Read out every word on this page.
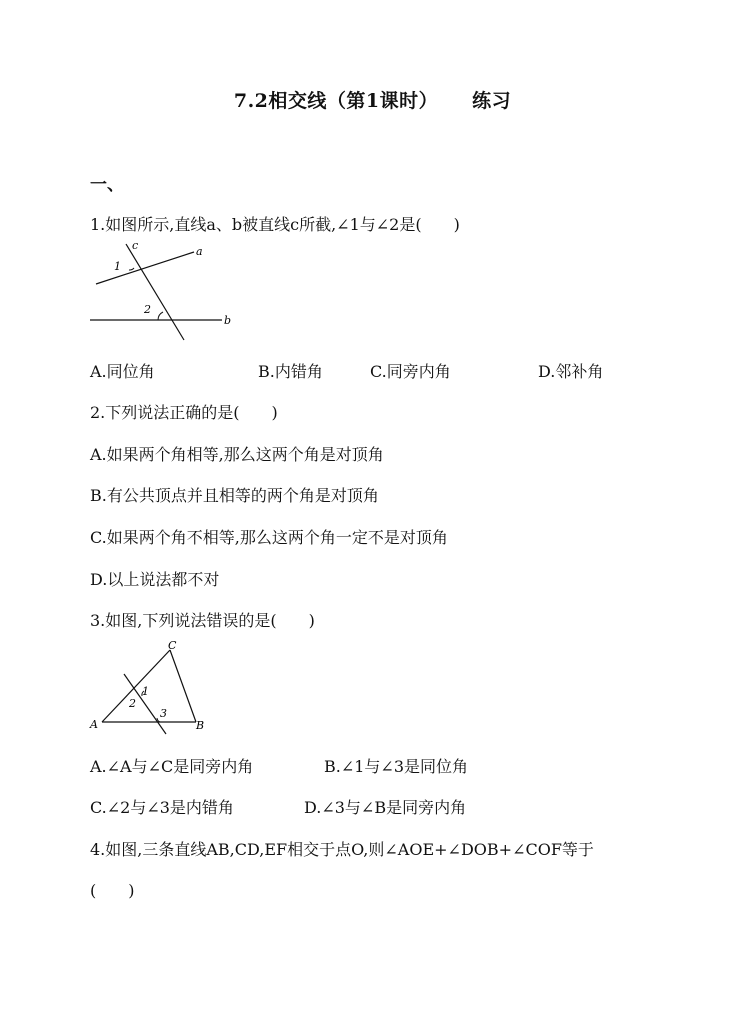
7.2相交线（第1课时） 练习
一、
1.如图所示,直线a、b被直线c所截,∠1与∠2是(　　)
c	a
b
1
2
A.同位角	B.内错角	C.同旁内角	D.邻补角
2.下列说法正确的是(　　)
A.如果两个角相等,那么这两个角是对顶角
B.有公共顶点并且相等的两个角是对顶角
C.如果两个角不相等,那么这两个角一定不是对顶角
D.以上说法都不对
3.如图,下列说法错误的是(　　)
C
A	B
1
2
3
A.∠A与∠C是同旁内角	B.∠1与∠3是同位角
C.∠2与∠3是内错角	D.∠3与∠B是同旁内角
4.如图,三条直线AB,CD,EF相交于点O,则∠AOE+∠DOB+∠COF等于
(　　)
